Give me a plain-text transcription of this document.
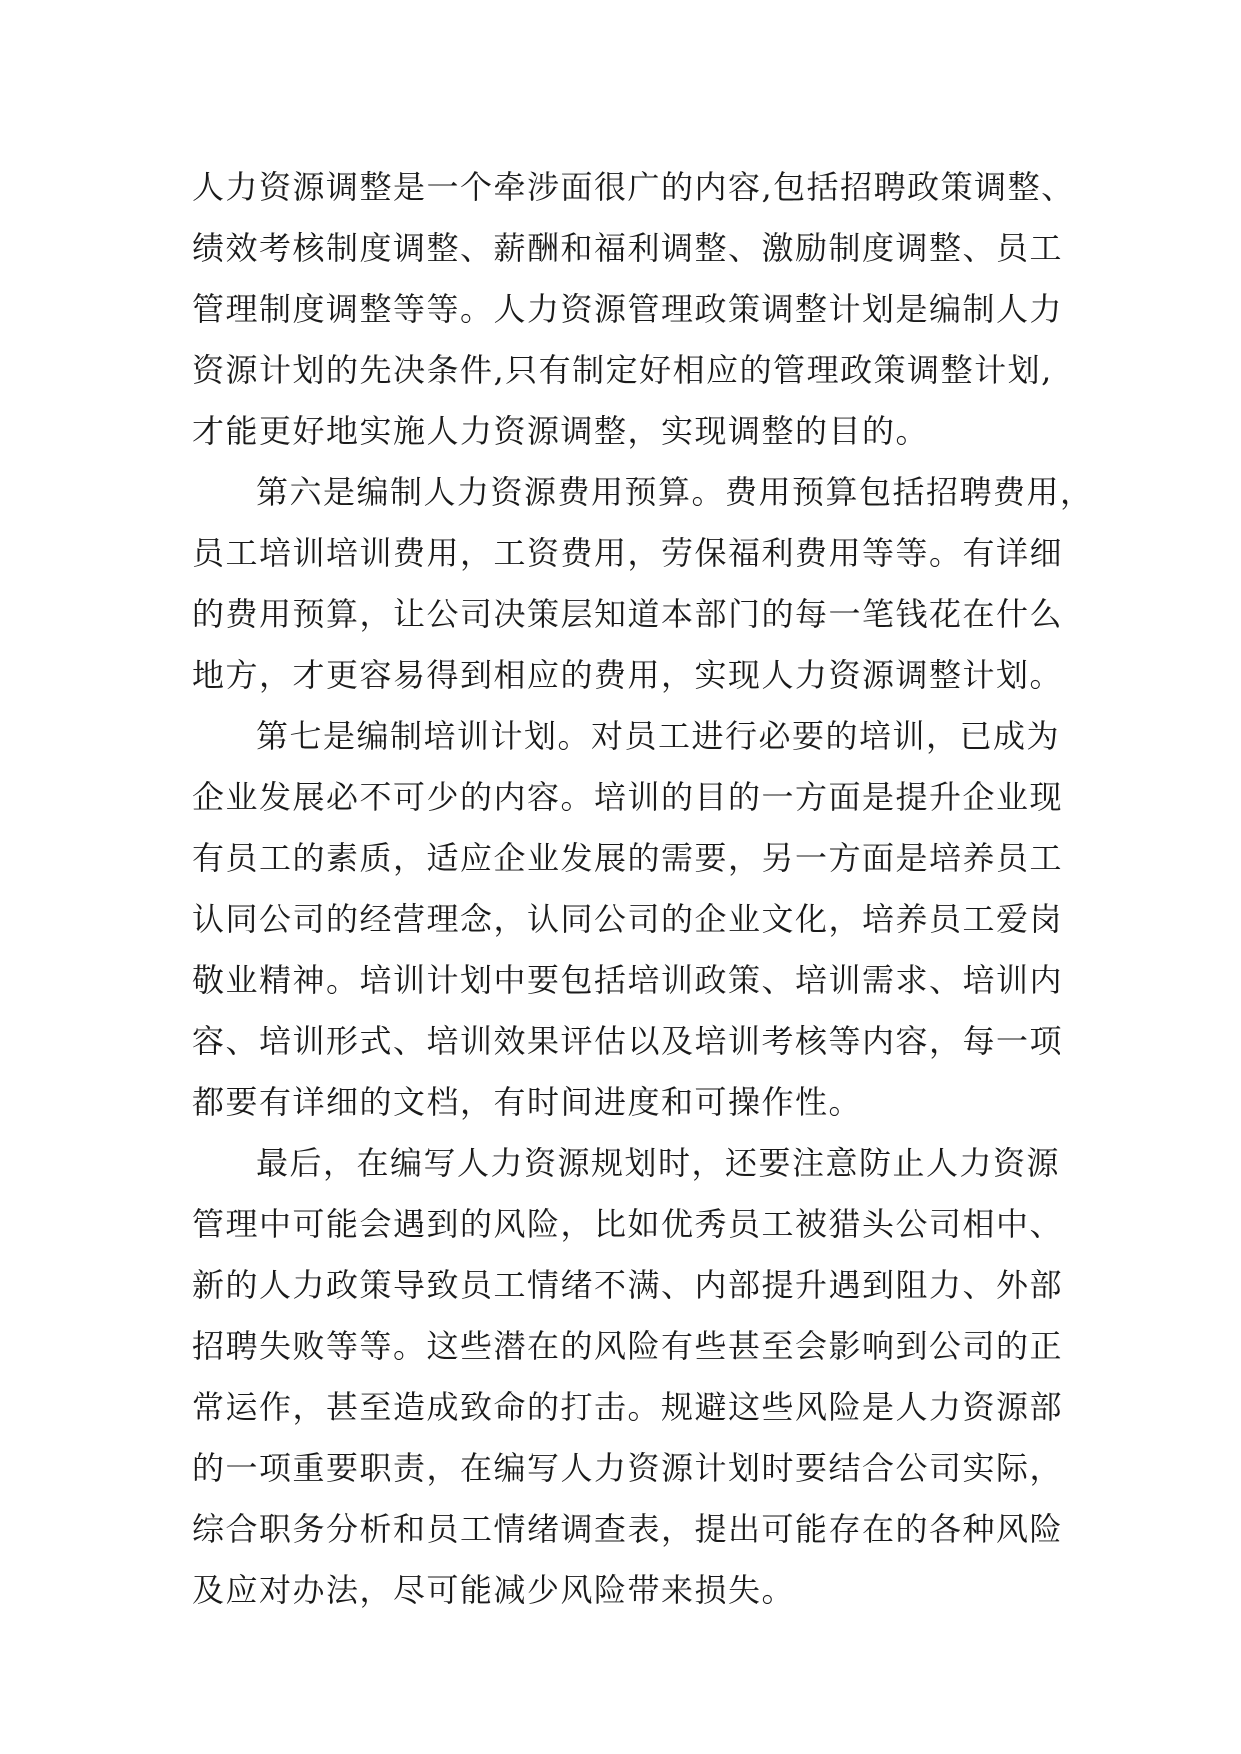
人力资源调整是一个牵涉面很广的内容,包括招聘政策调整、
绩效考核制度调整、薪酬和福利调整、激励制度调整、员工
管理制度调整等等。人力资源管理政策调整计划是编制人力
资源计划的先决条件,只有制定好相应的管理政策调整计划,
才能更好地实施人力资源调整，实现调整的目的。
第六是编制人力资源费用预算。费用预算包括招聘费用，
员工培训培训费用，工资费用，劳保福利费用等等。有详细
的费用预算，让公司决策层知道本部门的每一笔钱花在什么
地方，才更容易得到相应的费用，实现人力资源调整计划。
第七是编制培训计划。对员工进行必要的培训，已成为
企业发展必不可少的内容。培训的目的一方面是提升企业现
有员工的素质，适应企业发展的需要，另一方面是培养员工
认同公司的经营理念，认同公司的企业文化，培养员工爱岗
敬业精神。培训计划中要包括培训政策、培训需求、培训内
容、培训形式、培训效果评估以及培训考核等内容，每一项
都要有详细的文档，有时间进度和可操作性。
最后，在编写人力资源规划时，还要注意防止人力资源
管理中可能会遇到的风险，比如优秀员工被猎头公司相中、
新的人力政策导致员工情绪不满、内部提升遇到阻力、外部
招聘失败等等。这些潜在的风险有些甚至会影响到公司的正
常运作，甚至造成致命的打击。规避这些风险是人力资源部
的一项重要职责，在编写人力资源计划时要结合公司实际，
综合职务分析和员工情绪调查表，提出可能存在的各种风险
及应对办法，尽可能减少风险带来损失。
